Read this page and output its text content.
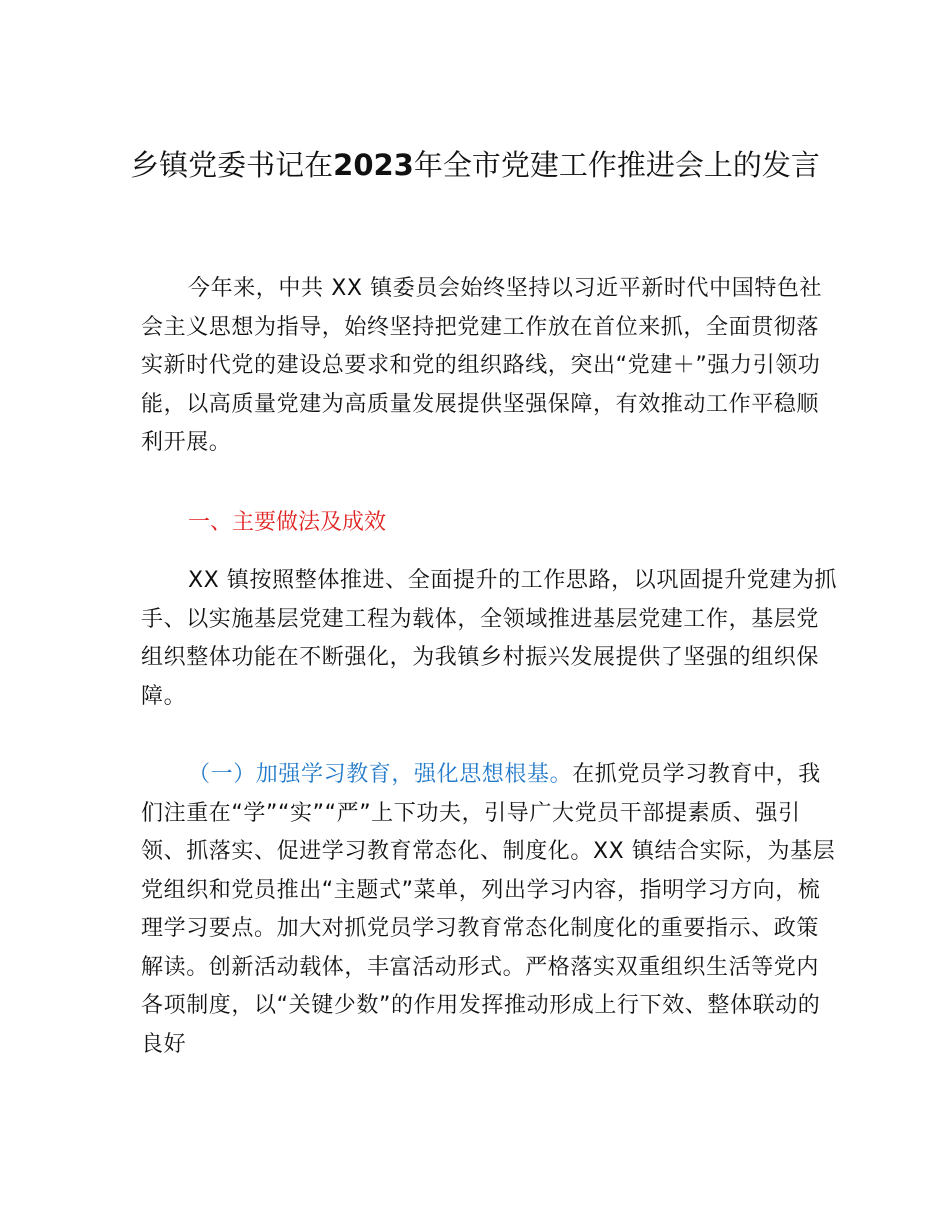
乡镇党委书记在2023年全市党建工作推进会上的发言

今年来，中共 XX 镇委员会始终坚持以习近平新时代中国特色社会主义思想为指导，始终坚持把党建工作放在首位来抓，全面贯彻落实新时代党的建设总要求和党的组织路线，突出“党建＋”强力引领功能，以高质量党建为高质量发展提供坚强保障，有效推动工作平稳顺利开展。

一、主要做法及成效

XX 镇按照整体推进、全面提升的工作思路，以巩固提升党建为抓手、以实施基层党建工程为载体，全领域推进基层党建工作，基层党组织整体功能在不断强化，为我镇乡村振兴发展提供了坚强的组织保障。

（一）加强学习教育，强化思想根基。在抓党员学习教育中，我们注重在“学”“实”“严”上下功夫，引导广大党员干部提素质、强引领、抓落实、促进学习教育常态化、制度化。XX 镇结合实际，为基层党组织和党员推出“主题式”菜单，列出学习内容，指明学习方向，梳理学习要点。加大对抓党员学习教育常态化制度化的重要指示、政策解读。创新活动载体，丰富活动形式。严格落实双重组织生活等党内各项制度，以“关键少数”的作用发挥推动形成上行下效、整体联动的良好
